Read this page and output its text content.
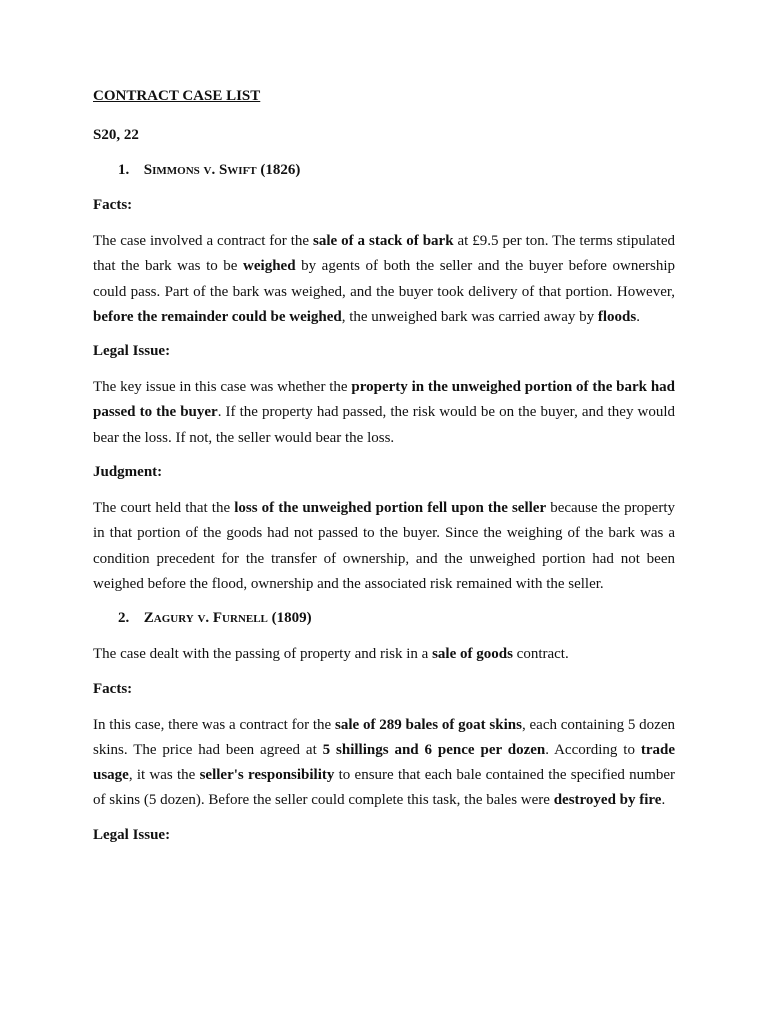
CONTRACT CASE LIST
S20, 22
1. Simmons v. Swift (1826)
Facts:

The case involved a contract for the sale of a stack of bark at £9.5 per ton. The terms stipulated that the bark was to be weighed by agents of both the seller and the buyer before ownership could pass. Part of the bark was weighed, and the buyer took delivery of that portion. However, before the remainder could be weighed, the unweighed bark was carried away by floods.

Legal Issue:

The key issue in this case was whether the property in the unweighed portion of the bark had passed to the buyer. If the property had passed, the risk would be on the buyer, and they would bear the loss. If not, the seller would bear the loss.

Judgment:

The court held that the loss of the unweighed portion fell upon the seller because the property in that portion of the goods had not passed to the buyer. Since the weighing of the bark was a condition precedent for the transfer of ownership, and the unweighed portion had not been weighed before the flood, ownership and the associated risk remained with the seller.

2. Zagury v. Furnell (1809)

The case dealt with the passing of property and risk in a sale of goods contract.

Facts:

In this case, there was a contract for the sale of 289 bales of goat skins, each containing 5 dozen skins. The price had been agreed at 5 shillings and 6 pence per dozen. According to trade usage, it was the seller's responsibility to ensure that each bale contained the specified number of skins (5 dozen). Before the seller could complete this task, the bales were destroyed by fire.

Legal Issue:
